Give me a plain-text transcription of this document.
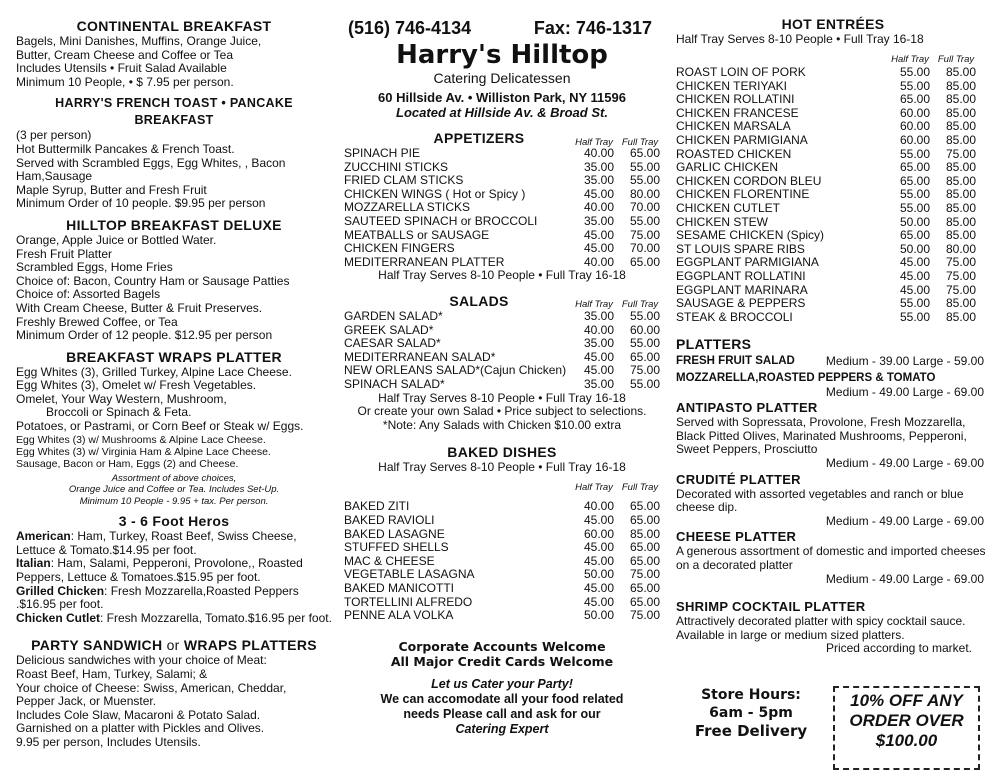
CONTINENTAL BREAKFAST
Bagels, Mini Danishes, Muffins, Orange Juice,
Butter, Cream Cheese and Coffee or Tea
Includes Utensils • Fruit Salad Available
Minimum 10 People, • $ 7.95 per person.
HARRY'S FRENCH TOAST • PANCAKE BREAKFAST
(3 per person)
Hot Buttermilk Pancakes & French Toast.
Served with Scrambled Eggs, Egg Whites, , Bacon
Ham,Sausage
Maple Syrup, Butter and Fresh Fruit
Minimum Order of 10 people. $9.95 per person
HILLTOP BREAKFAST DELUXE
Orange, Apple Juice or Bottled Water.
Fresh Fruit Platter
Scrambled Eggs, Home Fries
Choice of: Bacon, Country Ham or Sausage Patties
Choice of: Assorted Bagels
With Cream Cheese, Butter & Fruit Preserves.
Freshly Brewed Coffee, or Tea
Minimum Order of 12 people. $12.95 per person
BREAKFAST WRAPS PLATTER
Egg Whites (3), Grilled Turkey, Alpine Lace Cheese.
Egg Whites (3), Omelet w/ Fresh Vegetables.
Omelet, Your Way Western, Mushroom,
Broccoli or Spinach & Feta.
Potatoes, or Pastrami, or Corn Beef or Steak w/ Eggs.
Egg Whites (3) w/ Mushrooms & Alpine Lace Cheese.
Egg Whites (3) w/ Virginia Ham & Alpine Lace Cheese.
Sausage, Bacon or Ham, Eggs (2) and Cheese.
Assortment of above choices,
Orange Juice and Coffee or Tea. Includes Set-Up.
Minimum 10 People - 9.95 + tax. Per person.
3 - 6 Foot Heros
American: Ham, Turkey, Roast Beef, Swiss Cheese,
Lettuce & Tomato.$14.95 per foot.
Italian: Ham, Salami, Pepperoni, Provolone,, Roasted
Peppers, Lettuce & Tomatoes.$15.95 per foot.
Grilled Chicken: Fresh Mozzarella,Roasted Peppers
.$16.95 per foot.
Chicken Cutlet: Fresh Mozzarella, Tomato.$16.95 per foot.
PARTY SANDWICH or WRAPS PLATTERS
Delicious sandwiches with your choice of Meat:
Roast Beef, Ham, Turkey, Salami; &
Your choice of Cheese: Swiss, American, Cheddar,
Pepper Jack, or Muenster.
Includes Cole Slaw, Macaroni & Potato Salad.
Garnished on a platter with Pickles and Olives.
9.95 per person, Includes Utensils.
(516) 746-4134	Fax: 746-1317
Harry's Hilltop
Catering Delicatessen
60 Hillside Av. • Williston Park, NY 11596
Located at Hillside Av. & Broad St.
APPETIZERS	Half Tray Full Tray
SPINACH PIE	40.00	65.00
ZUCCHINI STICKS	35.00	55.00
FRIED CLAM STICKS	35.00	55.00
CHICKEN WINGS ( Hot or Spicy )	45.00	80.00
MOZZARELLA STICKS	40.00	70.00
SAUTEED SPINACH or BROCCOLI	35.00	55.00
MEATBALLS or SAUSAGE	45.00	75.00
CHICKEN FINGERS	45.00	70.00
MEDITERRANEAN PLATTER	40.00	65.00
Half Tray Serves 8-10 People • Full Tray 16-18
SALADS	Half Tray Full Tray
GARDEN SALAD*	35.00	55.00
GREEK SALAD*	40.00	60.00
CAESAR SALAD*	35.00	55.00
MEDITERRANEAN SALAD*	45.00	65.00
NEW ORLEANS SALAD*(Cajun Chicken)	45.00	75.00
SPINACH SALAD*	35.00	55.00
Half Tray Serves 8-10 People • Full Tray 16-18
Or create your own Salad • Price subject to selections.
*Note: Any Salads with Chicken $10.00 extra
BAKED DISHES
Half Tray Serves 8-10 People • Full Tray 16-18
Half Tray Full Tray
BAKED ZITI	40.00	65.00
BAKED RAVIOLI	45.00	65.00
BAKED LASAGNE	60.00	85.00
STUFFED SHELLS	45.00	65.00
MAC & CHEESE	45.00	65.00
VEGETABLE LASAGNA	50.00	75.00
BAKED MANICOTTI	45.00	65.00
TORTELLINI ALFREDO	45.00	65.00
PENNE ALA VOLKA	50.00	75.00
Corporate Accounts Welcome
All Major Credit Cards Welcome
Let us Cater your Party!
We can accomodate all your food related
needs Please call and ask for our
Catering Expert
HOT ENTRÉES
Half Tray Serves 8-10 People • Full Tray 16-18
Half Tray Full Tray
ROAST LOIN OF PORK	55.00	85.00
CHICKEN TERIYAKI	55.00	85.00
CHICKEN ROLLATINI	65.00	85.00
CHICKEN FRANCESE	60.00	85.00
CHICKEN MARSALA	60.00	85.00
CHICKEN PARMIGIANA	60.00	85.00
ROASTED CHICKEN	55.00	75.00
GARLIC CHICKEN	65.00	85.00
CHICKEN CORDON BLEU	65.00	85.00
CHICKEN FLORENTINE	55.00	85.00
CHICKEN CUTLET	55.00	85.00
CHICKEN STEW	50.00	85.00
SESAME CHICKEN (Spicy)	65.00	85.00
ST LOUIS SPARE RIBS	50.00	80.00
EGGPLANT PARMIGIANA	45.00	75.00
EGGPLANT ROLLATINI	45.00	75.00
EGGPLANT MARINARA	45.00	75.00
SAUSAGE & PEPPERS	55.00	85.00
STEAK & BROCCOLI	55.00	85.00
PLATTERS
FRESH FRUIT SALAD	Medium - 39.00 Large - 59.00
MOZZARELLA,ROASTED PEPPERS & TOMATO
Medium - 49.00 Large - 69.00
ANTIPASTO PLATTER
Served with Sopressata, Provolone, Fresh Mozzarella,
Black Pitted Olives, Marinated Mushrooms, Pepperoni,
Sweet Peppers, Prosciutto
Medium - 49.00 Large - 69.00
CRUDITÉ PLATTER
Decorated with assorted vegetables and ranch or blue
cheese dip.
Medium - 49.00 Large - 69.00
CHEESE PLATTER
A generous assortment of domestic and imported cheeses
on a decorated platter
Medium - 49.00 Large - 69.00
SHRIMP COCKTAIL PLATTER
Attractively decorated platter with spicy cocktail sauce.
Available in large or medium sized platters.
Priced according to market.
Store Hours:
6am - 5pm
Free Delivery
10% OFF ANY
ORDER OVER
$100.00
